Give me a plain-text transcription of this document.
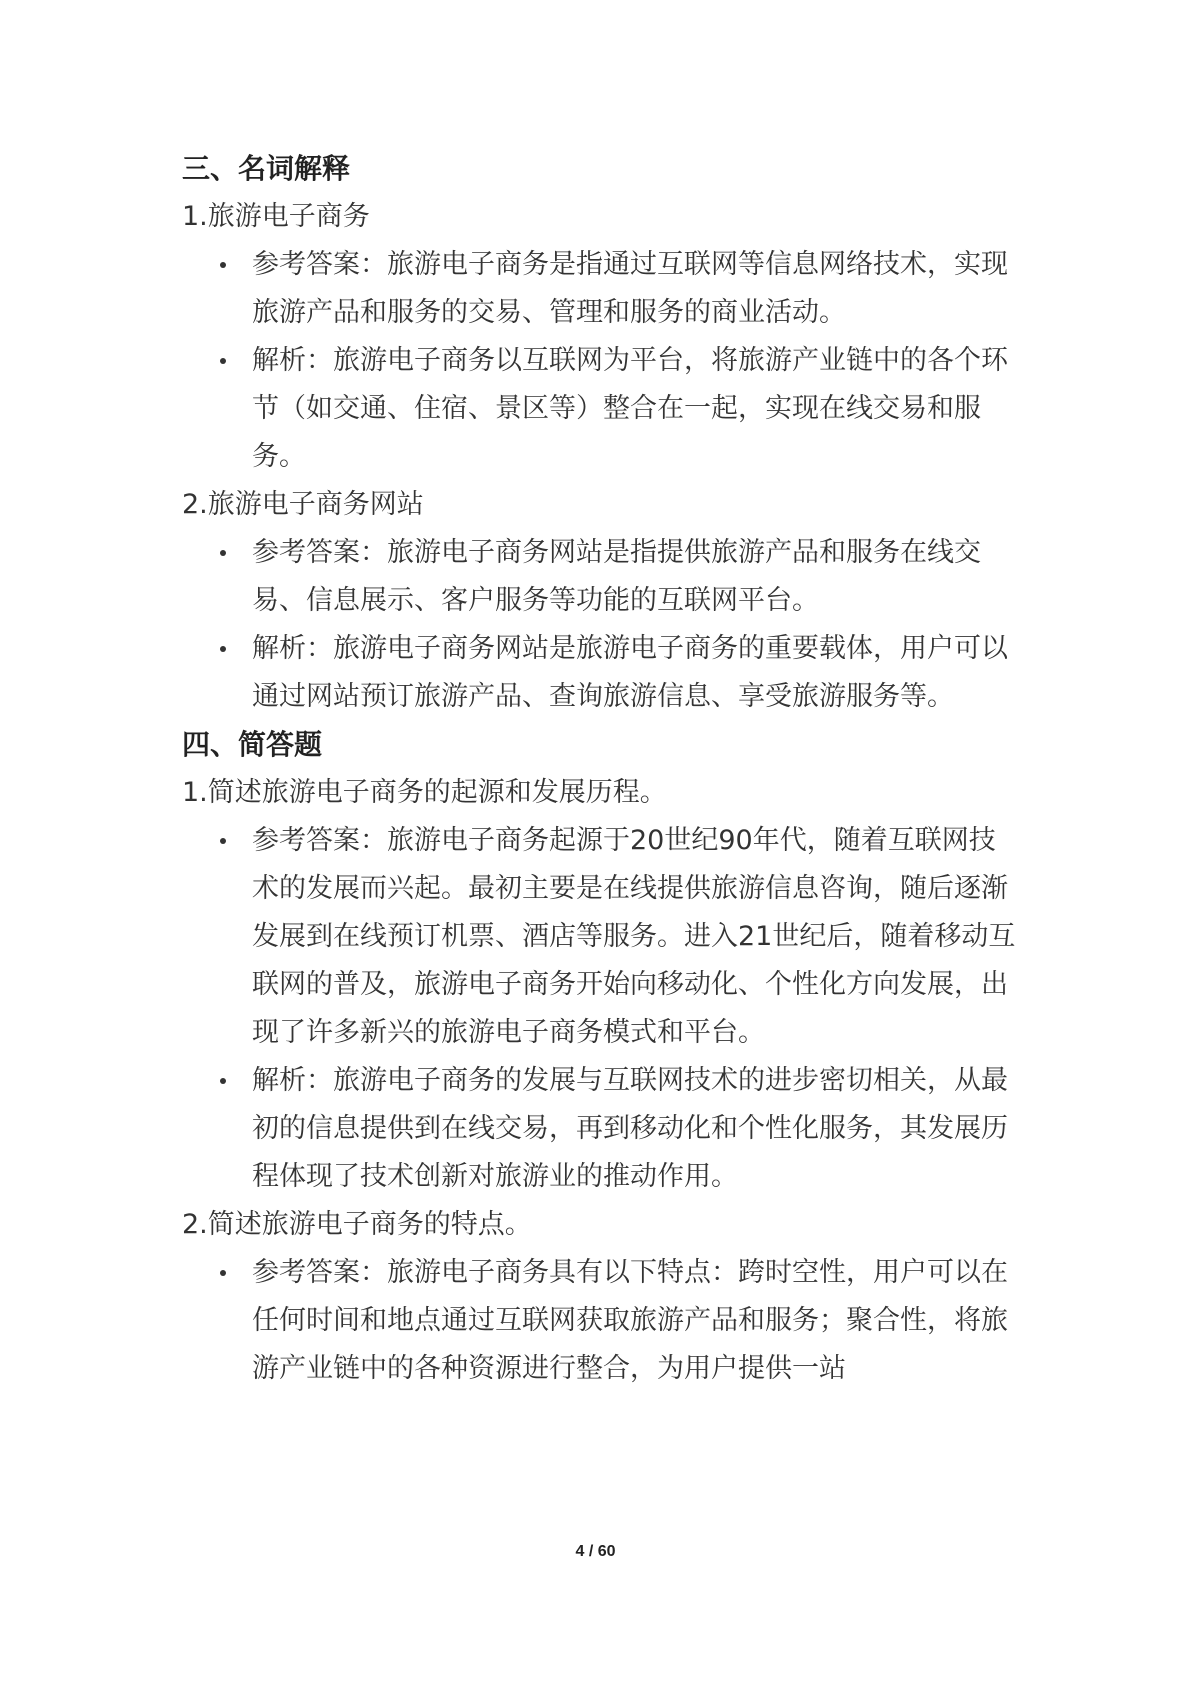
三、名词解释

1.旅游电子商务

参考答案：旅游电子商务是指通过互联网等信息网络技术，实现旅游产品和服务的交易、管理和服务的商业活动。
解析：旅游电子商务以互联网为平台，将旅游产业链中的各个环节（如交通、住宿、景区等）整合在一起，实现在线交易和服务。

2.旅游电子商务网站

参考答案：旅游电子商务网站是指提供旅游产品和服务在线交易、信息展示、客户服务等功能的互联网平台。
解析：旅游电子商务网站是旅游电子商务的重要载体，用户可以通过网站预订旅游产品、查询旅游信息、享受旅游服务等。
四、简答题

1.简述旅游电子商务的起源和发展历程。

参考答案：旅游电子商务起源于20世纪90年代，随着互联网技术的发展而兴起。最初主要是在线提供旅游信息咨询，随后逐渐发展到在线预订机票、酒店等服务。进入21世纪后，随着移动互联网的普及，旅游电子商务开始向移动化、个性化方向发展，出现了许多新兴的旅游电子商务模式和平台。
解析：旅游电子商务的发展与互联网技术的进步密切相关，从最初的信息提供到在线交易，再到移动化和个性化服务，其发展历程体现了技术创新对旅游业的推动作用。

2.简述旅游电子商务的特点。

参考答案：旅游电子商务具有以下特点：跨时空性，用户可以在任何时间和地点通过互联网获取旅游产品和服务；聚合性，将旅游产业链中的各种资源进行整合，为用户提供一站
4 / 60
